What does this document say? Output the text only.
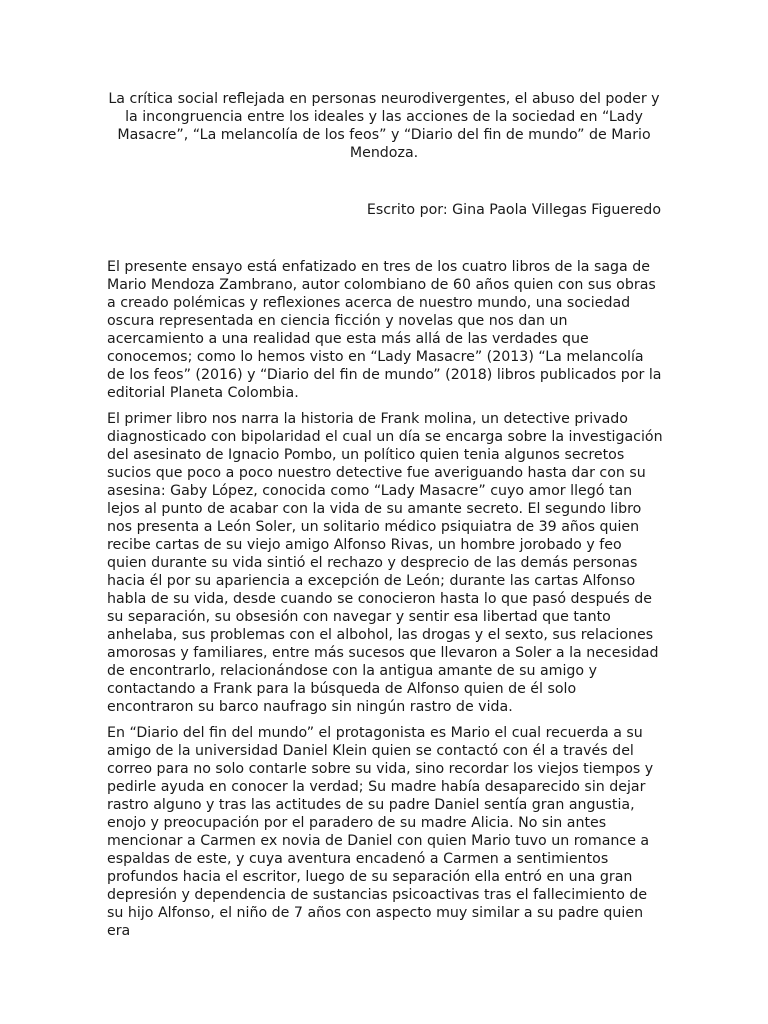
La crítica social reflejada en personas neurodivergentes, el abuso del poder y la incongruencia entre los ideales y las acciones de la sociedad en “Lady Masacre”, “La melancolía de los feos” y “Diario del fin de mundo” de Mario Mendoza.

Escrito por: Gina Paola Villegas Figueredo

El presente ensayo está enfatizado en tres de los cuatro libros de la saga de Mario Mendoza Zambrano, autor colombiano de 60 años quien con sus obras a creado polémicas y reflexiones acerca de nuestro mundo, una sociedad oscura representada en ciencia ficción y novelas que nos dan un acercamiento a una realidad que esta más allá de las verdades que conocemos; como lo hemos visto en “Lady Masacre” (2013) “La melancolía de los feos” (2016) y “Diario del fin de mundo” (2018) libros publicados por la editorial Planeta Colombia.

El primer libro nos narra la historia de Frank molina, un detective privado diagnosticado con bipolaridad el cual un día se encarga sobre la investigación del asesinato de Ignacio Pombo, un político quien tenia algunos secretos sucios que poco a poco nuestro detective fue averiguando hasta dar con su asesina: Gaby López, conocida como “Lady Masacre” cuyo amor llegó tan lejos al punto de acabar con la vida de su amante secreto. El segundo libro nos presenta a León Soler, un solitario médico psiquiatra de 39 años quien recibe cartas de su viejo amigo Alfonso Rivas, un hombre jorobado y feo quien durante su vida sintió el rechazo y desprecio de las demás personas hacia él por su apariencia a excepción de León; durante las cartas Alfonso habla de su vida, desde cuando se conocieron hasta lo que pasó después de su separación, su obsesión con navegar y sentir esa libertad que tanto anhelaba, sus problemas con el albohol, las drogas y el sexto, sus relaciones amorosas y familiares, entre más sucesos que llevaron a Soler a la necesidad de encontrarlo, relacionándose con la antigua amante de su amigo y contactando a Frank para la búsqueda de Alfonso quien de él solo encontraron su barco naufrago sin ningún rastro de vida.

En “Diario del fin del mundo” el protagonista es Mario el cual recuerda a su amigo de la universidad Daniel Klein quien se contactó con él a través del correo para no solo contarle sobre su vida, sino recordar los viejos tiempos y pedirle ayuda en conocer la verdad; Su madre había desaparecido sin dejar rastro alguno y tras las actitudes de su padre Daniel sentía gran angustia, enojo y preocupación por el paradero de su madre Alicia. No sin antes mencionar a Carmen ex novia de Daniel con quien Mario tuvo un romance a espaldas de este, y cuya aventura encadenó a Carmen a sentimientos profundos hacia el escritor, luego de su separación ella entró en una gran depresión y dependencia de sustancias psicoactivas tras el fallecimiento de su hijo Alfonso, el niño de 7 años con aspecto muy similar a su padre quien era
